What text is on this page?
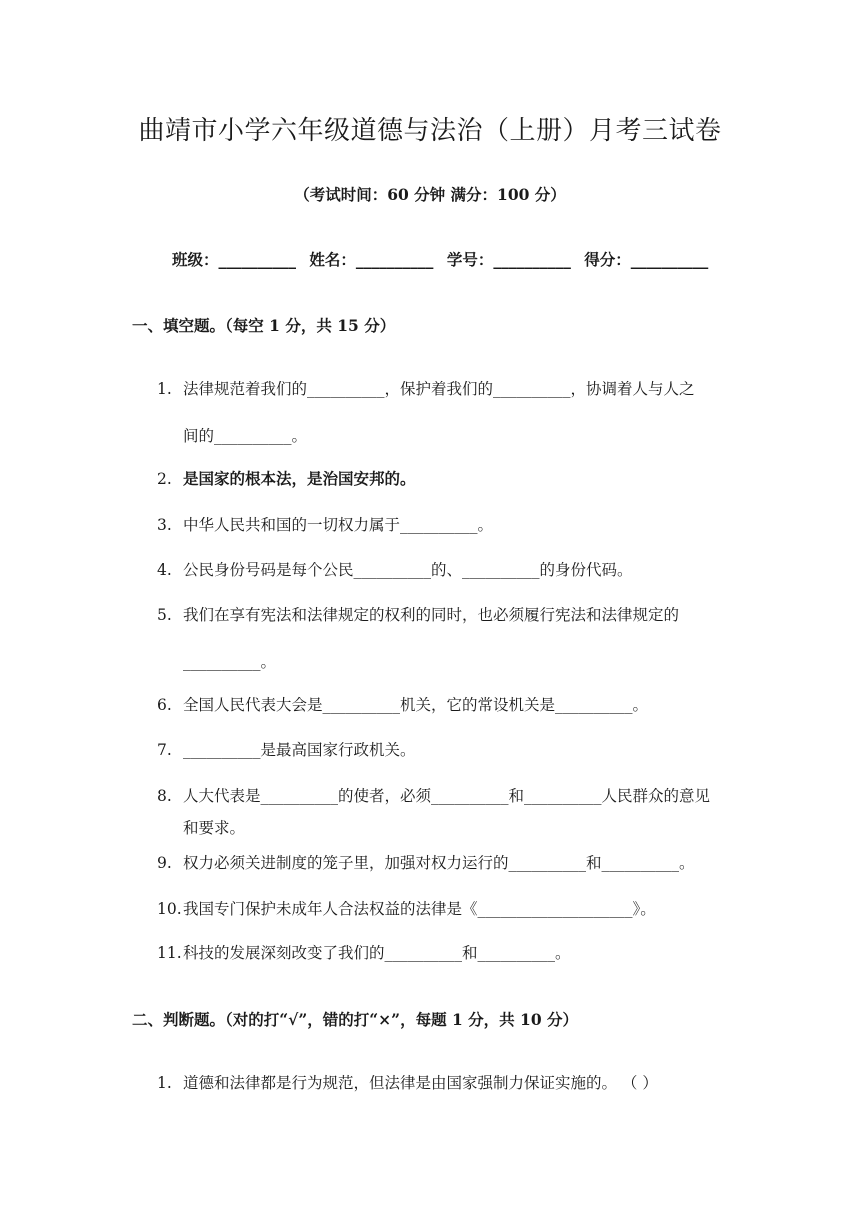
曲靖市小学六年级道德与法治（上册）月考三试卷
（考试时间：60 分钟 满分：100 分）
班级：__________ 姓名：__________ 学号：__________ 得分：__________
一、填空题。（每空 1 分，共 15 分）
1. 法律规范着我们的__________，保护着我们的__________，协调着人与人之
间的__________。
2. 是国家的根本法，是治国安邦的。
3. 中华人民共和国的一切权力属于__________。
4. 公民身份号码是每个公民__________的、__________的身份代码。
5. 我们在享有宪法和法律规定的权利的同时，也必须履行宪法和法律规定的
__________。
6. 全国人民代表大会是__________机关，它的常设机关是__________。
7. __________是最高国家行政机关。
8. 人大代表是__________的使者，必须__________和__________人民群众的意见
和要求。
9. 权力必须关进制度的笼子里，加强对权力运行的__________和__________。
10. 我国专门保护未成年人合法权益的法律是《____________________》。
11. 科技的发展深刻改变了我们的__________和__________。
二、判断题。（对的打“√”，错的打“×”，每题 1 分，共 10 分）
1. 道德和法律都是行为规范，但法律是由国家强制力保证实施的。 （ ）
